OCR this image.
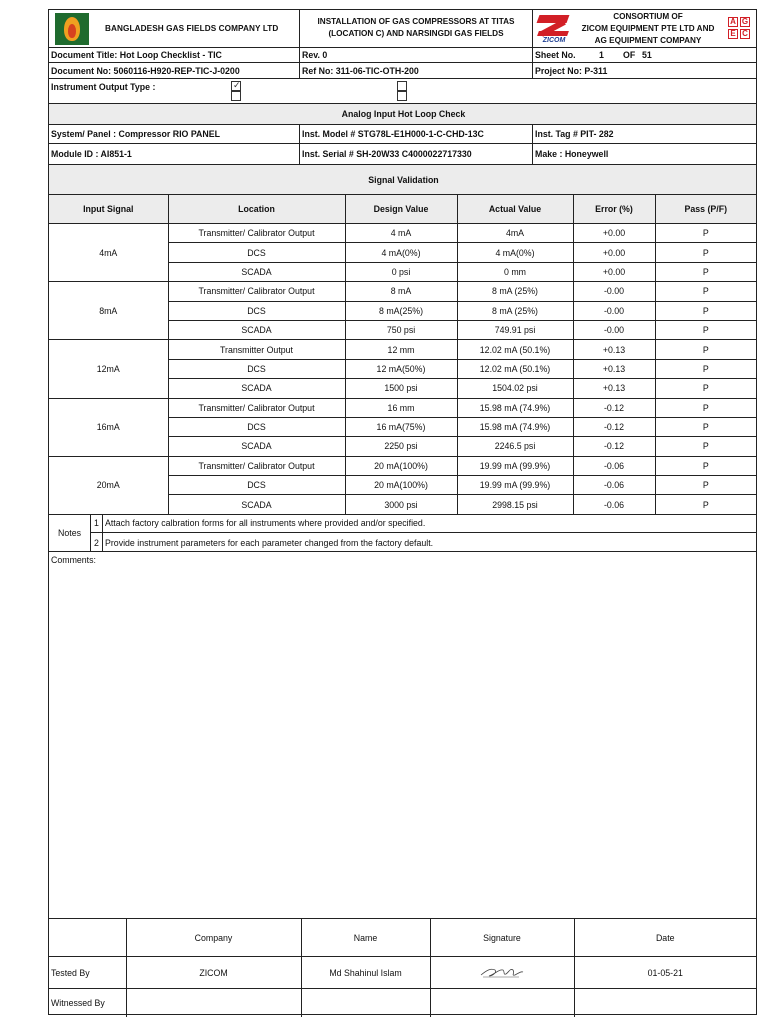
BANGLADESH GAS FIELDS COMPANY LTD
INSTALLATION OF GAS COMPRESSORS AT TITAS
(LOCATION C) AND NARSINGDI GAS FIELDS
ZICOM
CONSORTIUM OF
ZICOM EQUIPMENT PTE LTD AND
AG EQUIPMENT COMPANY
A G
E C
Document Title: Hot Loop Checklist - TIC	Rev. 0	Sheet No.	1	OF 51
Document No: 5060116-H920-REP-TIC-J-0200	Ref No: 311-06-TIC-OTH-200	Project No: P-311
Instrument Output Type :
✓
Analog Input Hot Loop Check
System/ Panel : Compressor RIO PANEL	Inst. Model # STG78L-E1H000-1-C-CHD-13C	Inst. Tag # PIT- 282
Module ID : AI851-1	Inst. Serial # SH-20W33 C4000022717330	Make : Honeywell
Signal Validation
Input Signal	Location	Design Value	Actual Value	Error (%)	Pass (P/F)
4mA	Transmitter/ Calibrator Output	4 mA	4mA	+0.00	P
	DCS	4 mA(0%)	4 mA(0%)	+0.00	P
	SCADA	0 psi	0 mm	+0.00	P
8mA	Transmitter/ Calibrator Output	8 mA	8 mA (25%)	-0.00	P
	DCS	8 mA(25%)	8 mA (25%)	-0.00	P
	SCADA	750 psi	749.91 psi	-0.00	P
12mA	Transmitter Output	12 mm	12.02 mA (50.1%)	+0.13	P
	DCS	12 mA(50%)	12.02 mA (50.1%)	+0.13	P
	SCADA	1500 psi	1504.02 psi	+0.13	P
16mA	Transmitter/ Calibrator Output	16 mm	15.98 mA (74.9%)	-0.12	P
	DCS	16 mA(75%)	15.98 mA (74.9%)	-0.12	P
	SCADA	2250 psi	2246.5 psi	-0.12	P
20mA	Transmitter/ Calibrator Output	20 mA(100%)	19.99 mA (99.9%)	-0.06	P
	DCS	20 mA(100%)	19.99 mA (99.9%)	-0.06	P
	SCADA	3000 psi	2998.15 psi	-0.06	P
Notes
1 Attach factory calbration forms for all instruments where provided and/or specified.
2 Provide instrument parameters for each parameter changed from the factory default.
Comments:
	Company	Name	Signature	Date
Tested By	ZICOM	Md Shahinul Islam		01-05-21
Witnessed By				
